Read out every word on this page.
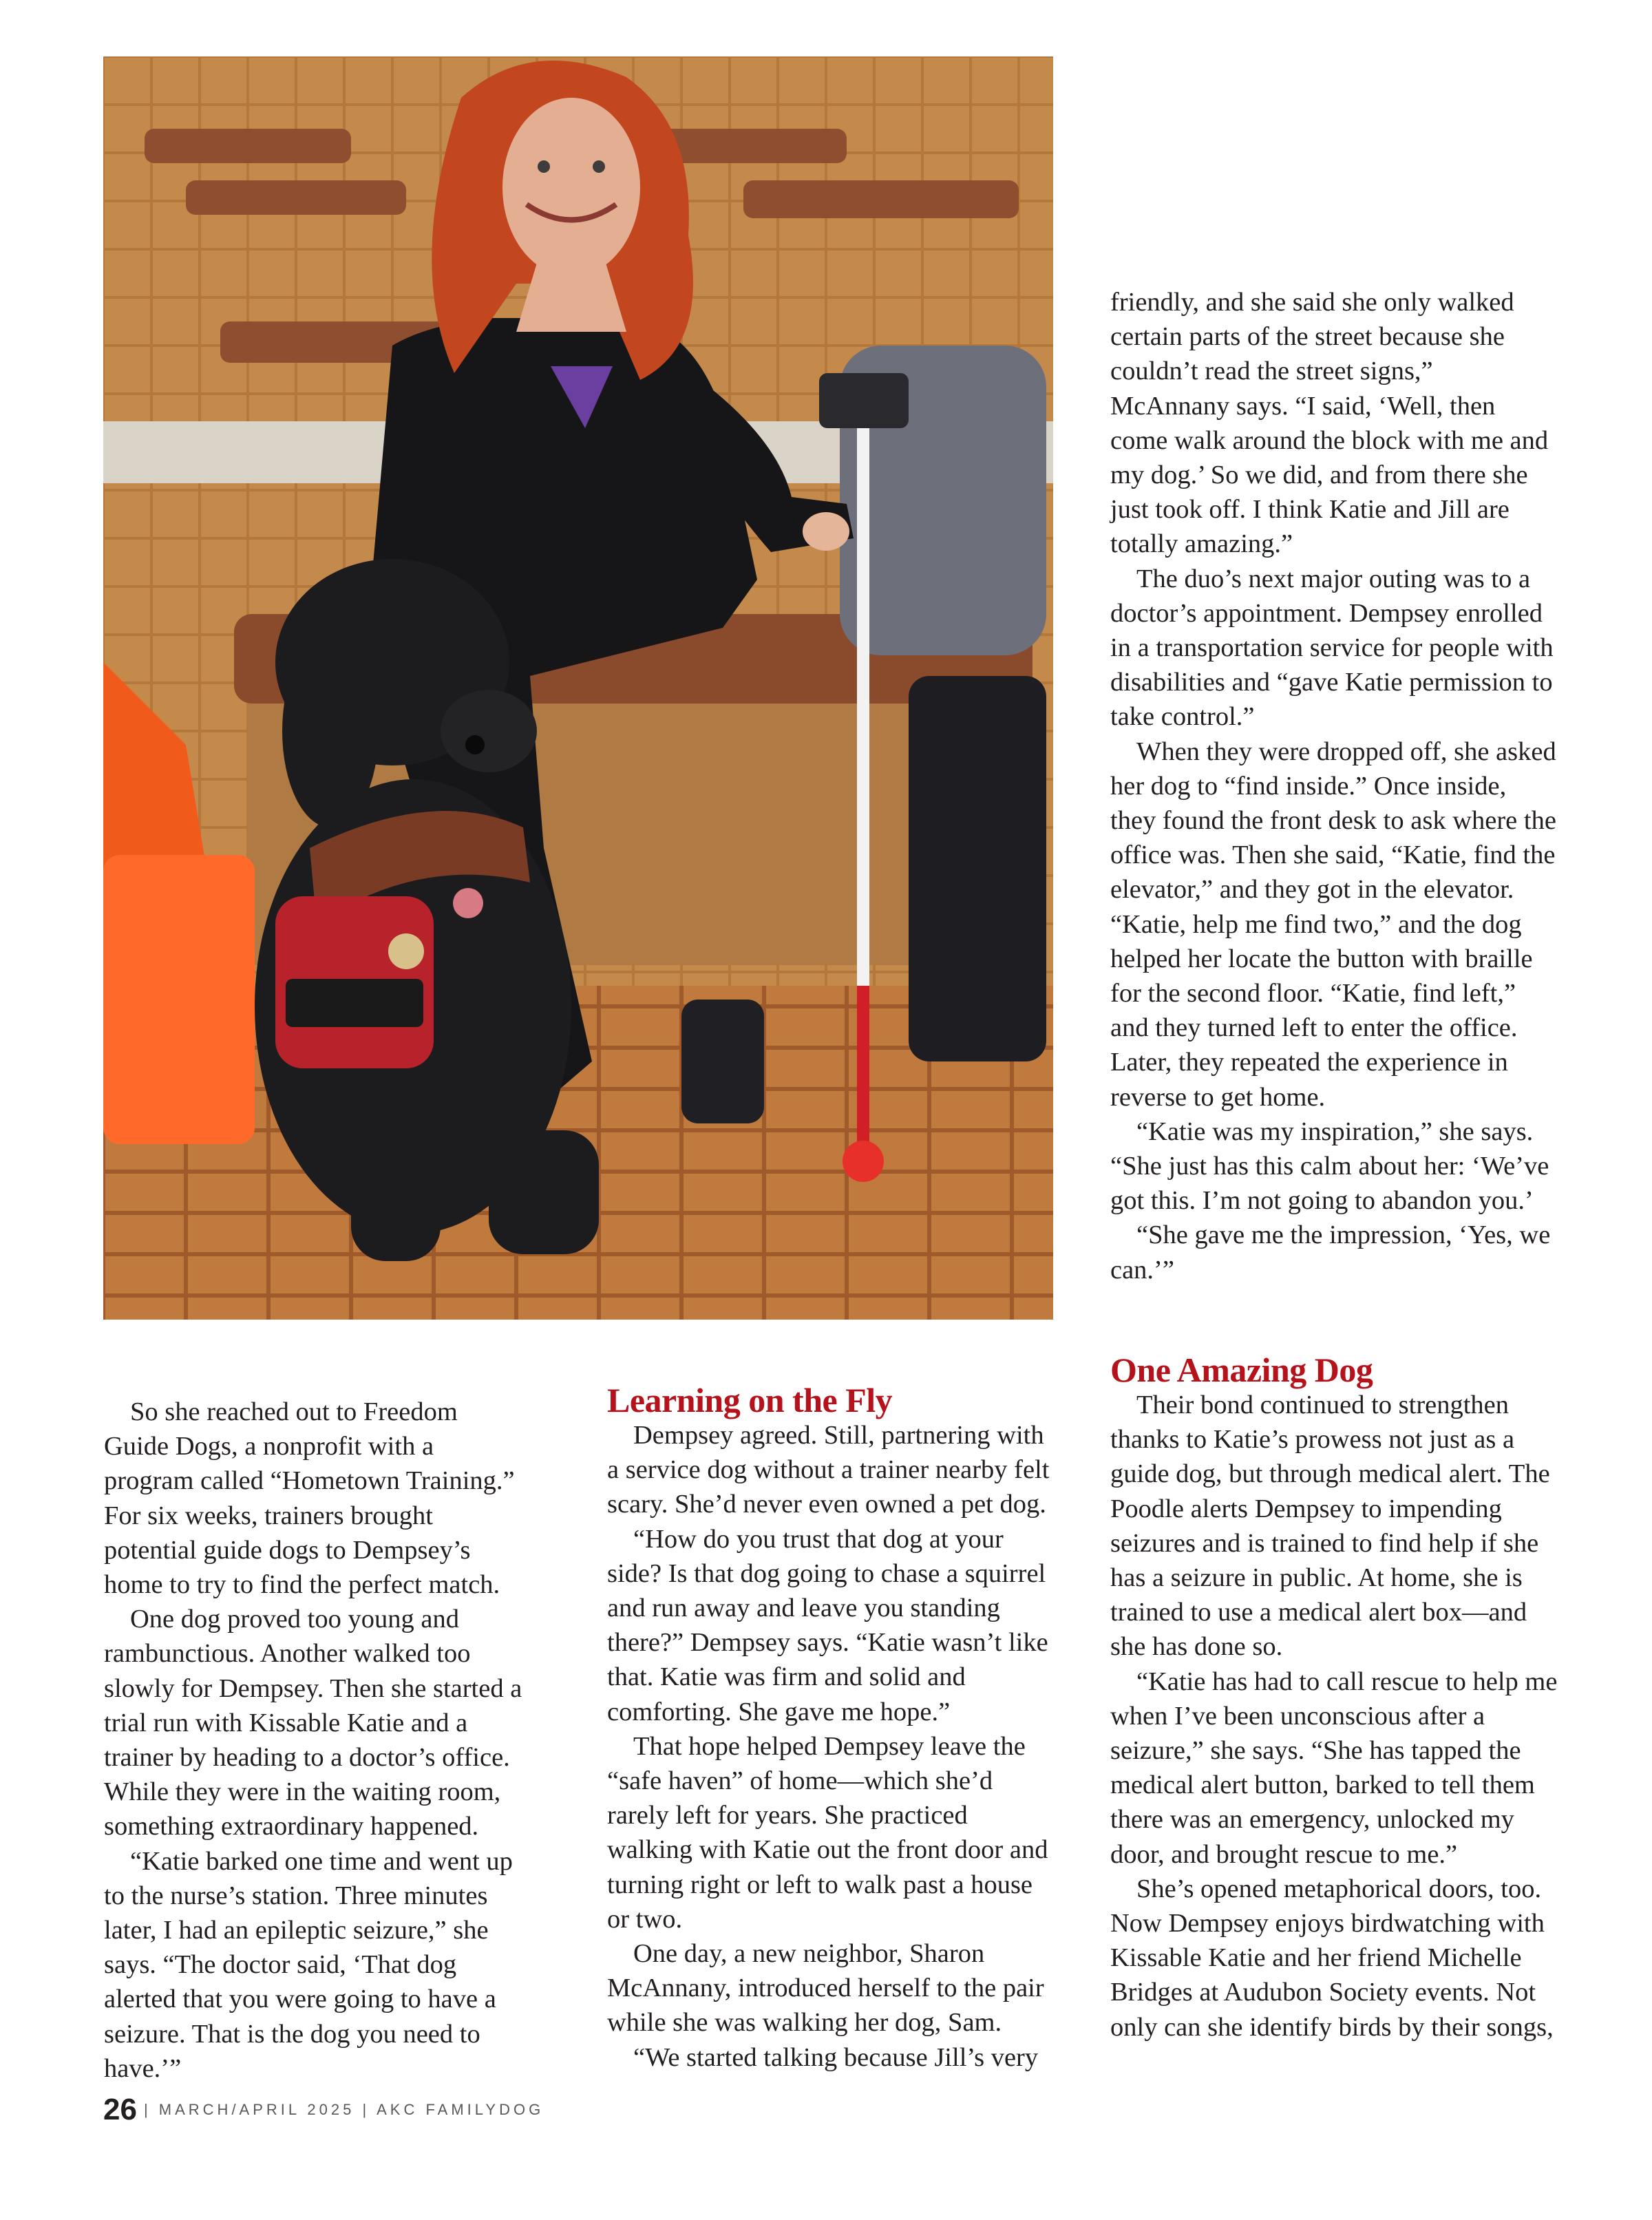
So she reached out to Freedom Guide Dogs, a nonprofit with a program called “Hometown Training.” For six weeks, trainers brought potential guide dogs to Dempsey’s home to try to find the perfect match.

One dog proved too young and rambunctious. Another walked too slowly for Dempsey. Then she started a trial run with Kissable Katie and a trainer by heading to a doctor’s office. While they were in the waiting room, something extraordinary happened.

“Katie barked one time and went up to the nurse’s station. Three minutes later, I had an epileptic seizure,” she says. “The doctor said, ‘That dog alerted that you were going to have a seizure. That is the dog you need to have.’”

Learning on the Fly

Dempsey agreed. Still, partnering with a service dog without a trainer nearby felt scary. She’d never even owned a pet dog.

“How do you trust that dog at your side? Is that dog going to chase a squirrel and run away and leave you standing there?” Dempsey says. “Katie wasn’t like that. Katie was firm and solid and comforting. She gave me hope.”

That hope helped Dempsey leave the “safe haven” of home—which she’d rarely left for years. She practiced walking with Katie out the front door and turning right or left to walk past a house or two.

One day, a new neighbor, Sharon McAnnany, introduced herself to the pair while she was walking her dog, Sam.

“We started talking because Jill’s very

friendly, and she said she only walked certain parts of the street because she couldn’t read the street signs,” McAnnany says. “I said, ‘Well, then come walk around the block with me and my dog.’ So we did, and from there she just took off. I think Katie and Jill are totally amazing.”

The duo’s next major outing was to a doctor’s appointment. Dempsey enrolled in a transportation service for people with disabilities and “gave Katie permission to take control.”

When they were dropped off, she asked her dog to “find inside.” Once inside, they found the front desk to ask where the office was. Then she said, “Katie, find the elevator,” and they got in the elevator. “Katie, help me find two,” and the dog helped her locate the button with braille for the second floor. “Katie, find left,” and they turned left to enter the office. Later, they repeated the experience in reverse to get home.

“Katie was my inspiration,” she says. “She just has this calm about her: ‘We’ve got this. I’m not going to abandon you.’

“She gave me the impression, ‘Yes, we can.’”

One Amazing Dog

Their bond continued to strengthen thanks to Katie’s prowess not just as a guide dog, but through medical alert. The Poodle alerts Dempsey to impending seizures and is trained to find help if she has a seizure in public. At home, she is trained to use a medical alert box—and she has done so.

“Katie has had to call rescue to help me when I’ve been unconscious after a seizure,” she says. “She has tapped the medical alert button, barked to tell them there was an emergency, unlocked my door, and brought rescue to me.”

She’s opened metaphorical doors, too. Now Dempsey enjoys birdwatching with Kissable Katie and her friend Michelle Bridges at Audubon Society events. Not only can she identify birds by their songs,

26 | MARCH/APRIL 2025 | AKC FAMILYDOG
